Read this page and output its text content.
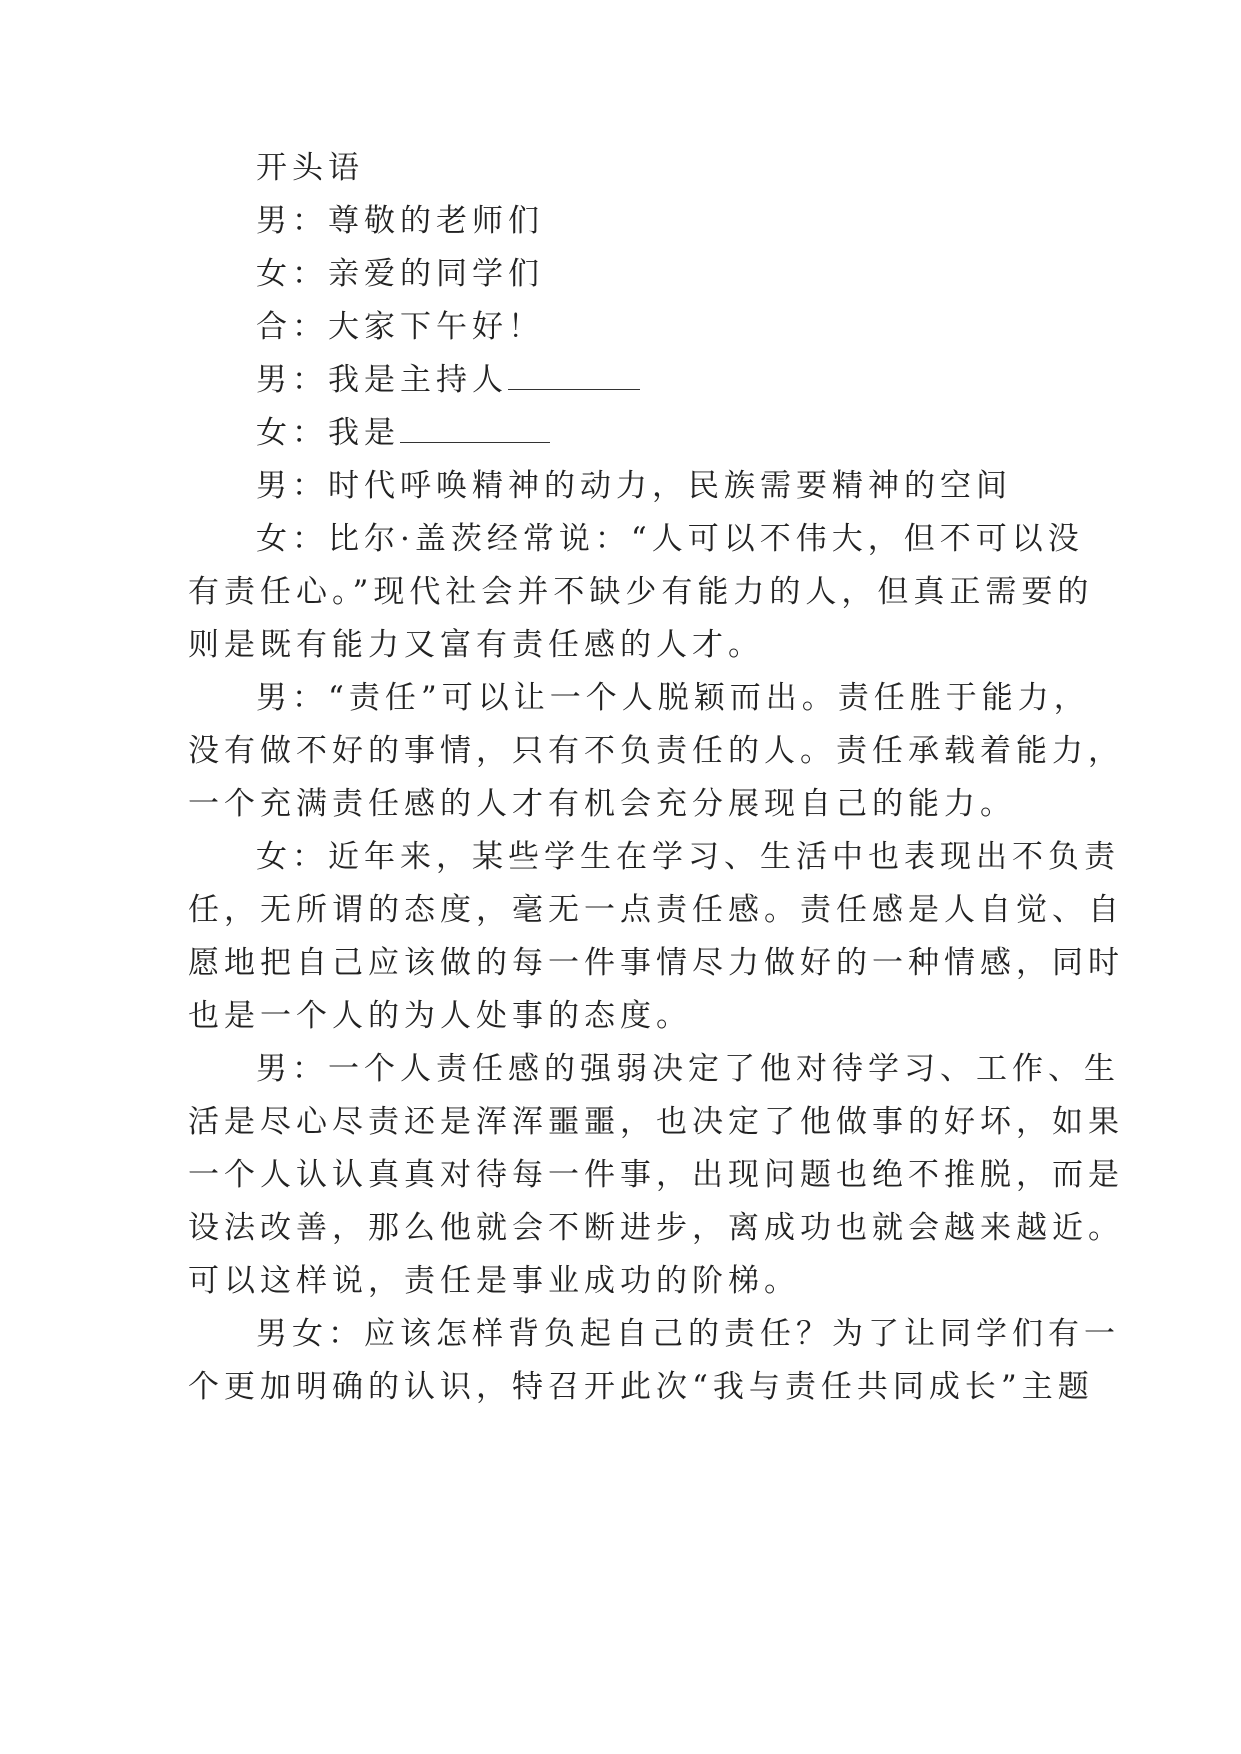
开头语
男：尊敬的老师们
女：亲爱的同学们
合：大家下午好！
男：我是主持人
女：我是
男：时代呼唤精神的动力，民族需要精神的空间
女：比尔·盖茨经常说：“人可以不伟大，但不可以没
有责任心。”现代社会并不缺少有能力的人，但真正需要的
则是既有能力又富有责任感的人才。
男：“责任”可以让一个人脱颖而出。责任胜于能力，
没有做不好的事情，只有不负责任的人。责任承载着能力，
一个充满责任感的人才有机会充分展现自己的能力。
女：近年来，某些学生在学习、生活中也表现出不负责
任，无所谓的态度，毫无一点责任感。责任感是人自觉、自
愿地把自己应该做的每一件事情尽力做好的一种情感，同时
也是一个人的为人处事的态度。
男：一个人责任感的强弱决定了他对待学习、工作、生
活是尽心尽责还是浑浑噩噩，也决定了他做事的好坏，如果
一个人认认真真对待每一件事，出现问题也绝不推脱，而是
设法改善，那么他就会不断进步，离成功也就会越来越近。
可以这样说，责任是事业成功的阶梯。
男女：应该怎样背负起自己的责任？为了让同学们有一
个更加明确的认识，特召开此次“我与责任共同成长”主题
